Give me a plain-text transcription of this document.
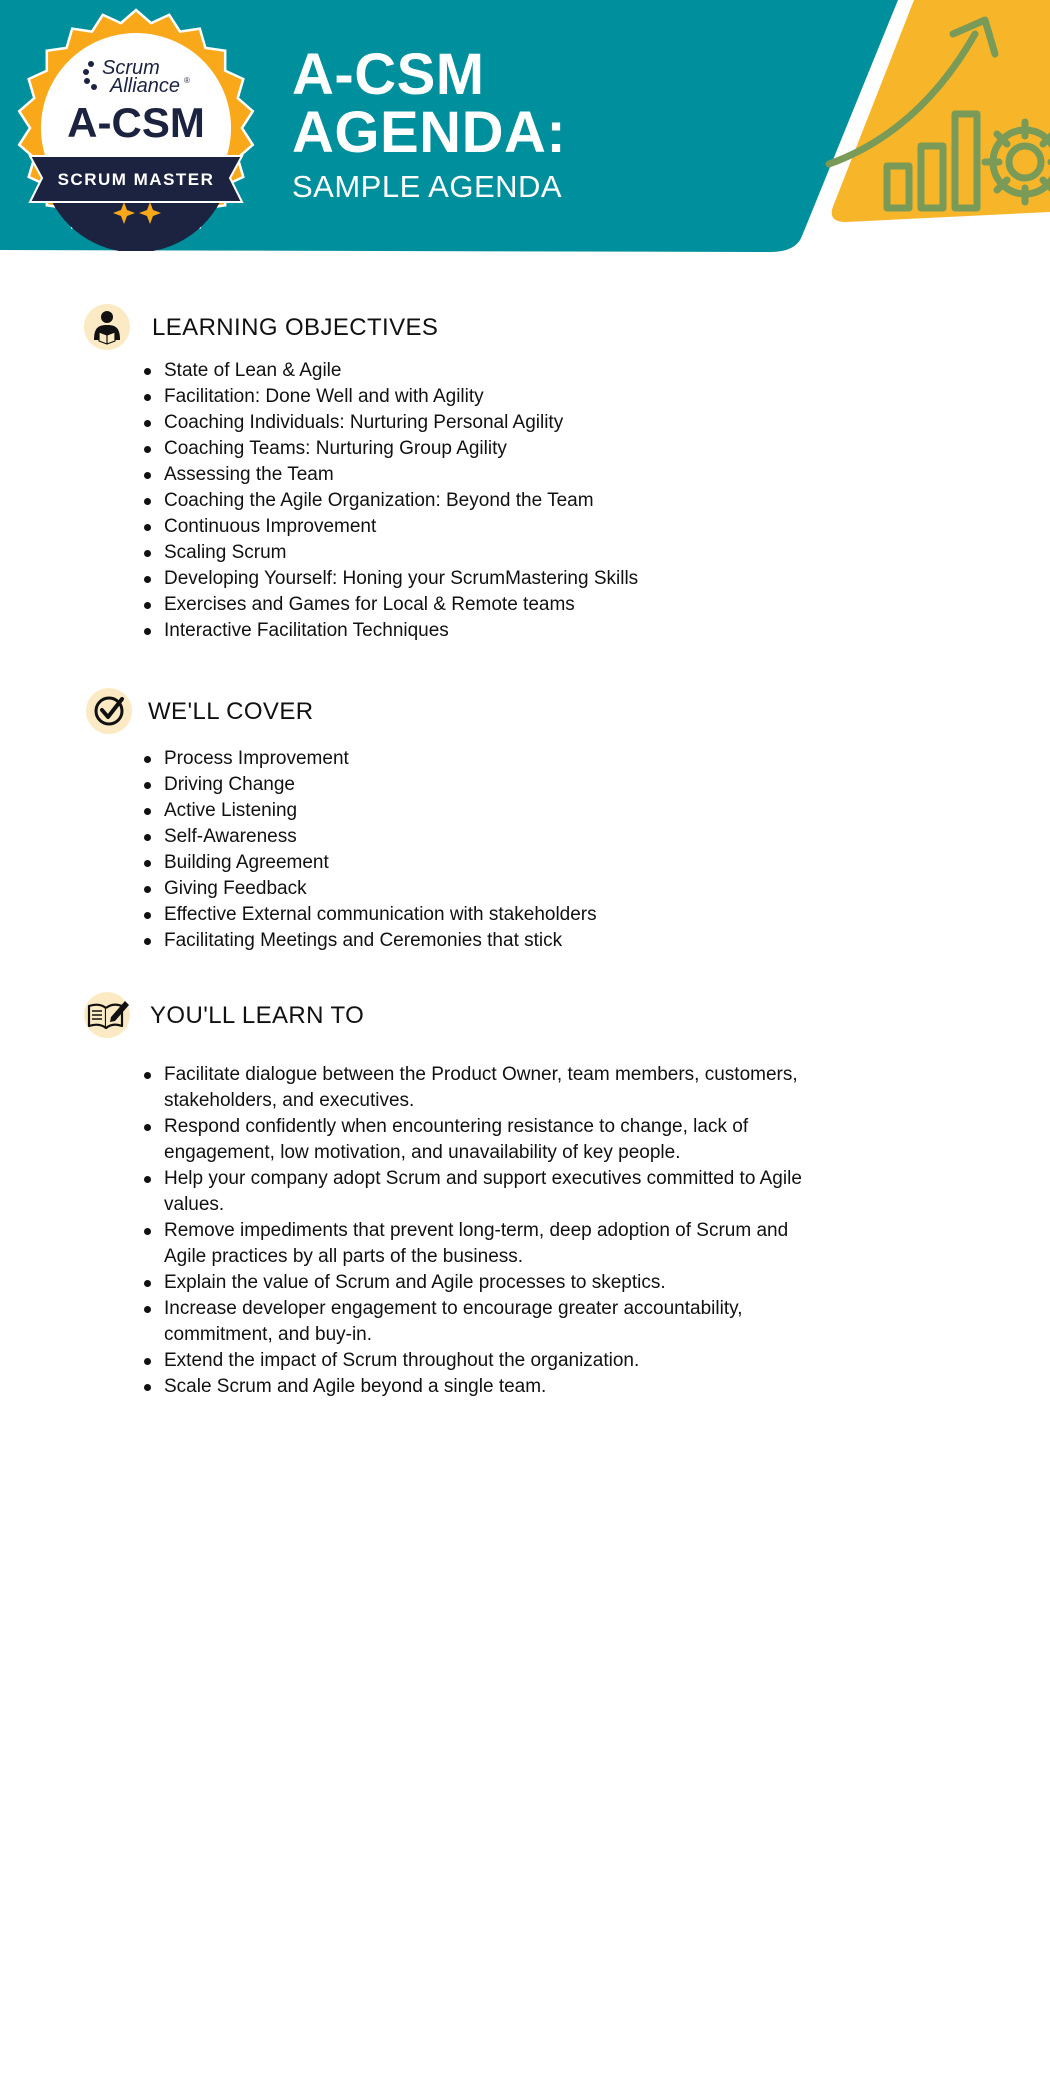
Scrum
Alliance ®
A-CSM
SCRUM MASTER
A-CSM
AGENDA:
SAMPLE AGENDA
LEARNING OBJECTIVES
State of Lean & Agile
Facilitation: Done Well and with Agility
Coaching Individuals: Nurturing Personal Agility
Coaching Teams: Nurturing Group Agility
Assessing the Team
Coaching the Agile Organization: Beyond the Team
Continuous Improvement
Scaling Scrum
Developing Yourself: Honing your ScrumMastering Skills
Exercises and Games for Local & Remote teams
Interactive Facilitation Techniques
WE'LL COVER
Process Improvement
Driving Change
Active Listening
Self-Awareness
Building Agreement
Giving Feedback
Effective External communication with stakeholders
Facilitating Meetings and Ceremonies that stick
YOU'LL LEARN TO
Facilitate dialogue between the Product Owner, team members, customers, stakeholders, and executives.
Respond confidently when encountering resistance to change, lack of engagement, low motivation, and unavailability of key people.
Help your company adopt Scrum and support executives committed to Agile values.
Remove impediments that prevent long-term, deep adoption of Scrum and Agile practices by all parts of the business.
Explain the value of Scrum and Agile processes to skeptics.
Increase developer engagement to encourage greater accountability, commitment, and buy-in.
Extend the impact of Scrum throughout the organization.
Scale Scrum and Agile beyond a single team.
